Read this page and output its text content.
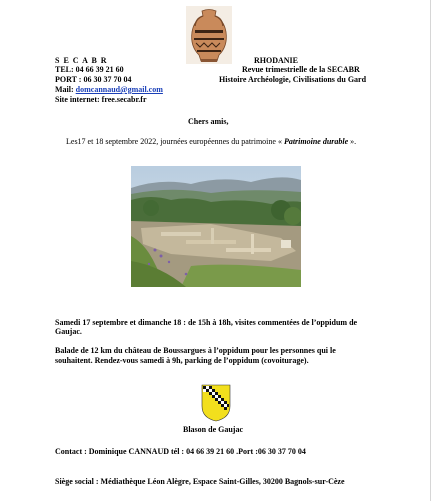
S E C A B R
TEL: 04 66 39 21 60
PORT : 06 30 37 70 04
Mail: domcannaud@gmail.com
Site internet: free.secabr.fr
RHODANIE
Revue trimestrielle de la SECABR
Histoire Archéologie, Civilisations du Gard
Chers amis,
Les17 et 18 septembre 2022, journées européennes du patrimoine « Patrimoine durable ».
Samedi 17 septembre et dimanche 18 : de 15h à 18h, visites commentées de l’oppidum de
Gaujac.
Balade de 12 km du château de Boussargues à l’oppidum pour les personnes qui le
souhaitent. Rendez-vous samedi à 9h, parking de l’oppidum (covoiturage).
Blason de Gaujac
Contact : Dominique CANNAUD tél : 04 66 39 21 60 .Port :06 30 37 70 04
Siège social : Médiathèque Léon Alègre, Espace Saint-Gilles, 30200 Bagnols-sur-Cèze
